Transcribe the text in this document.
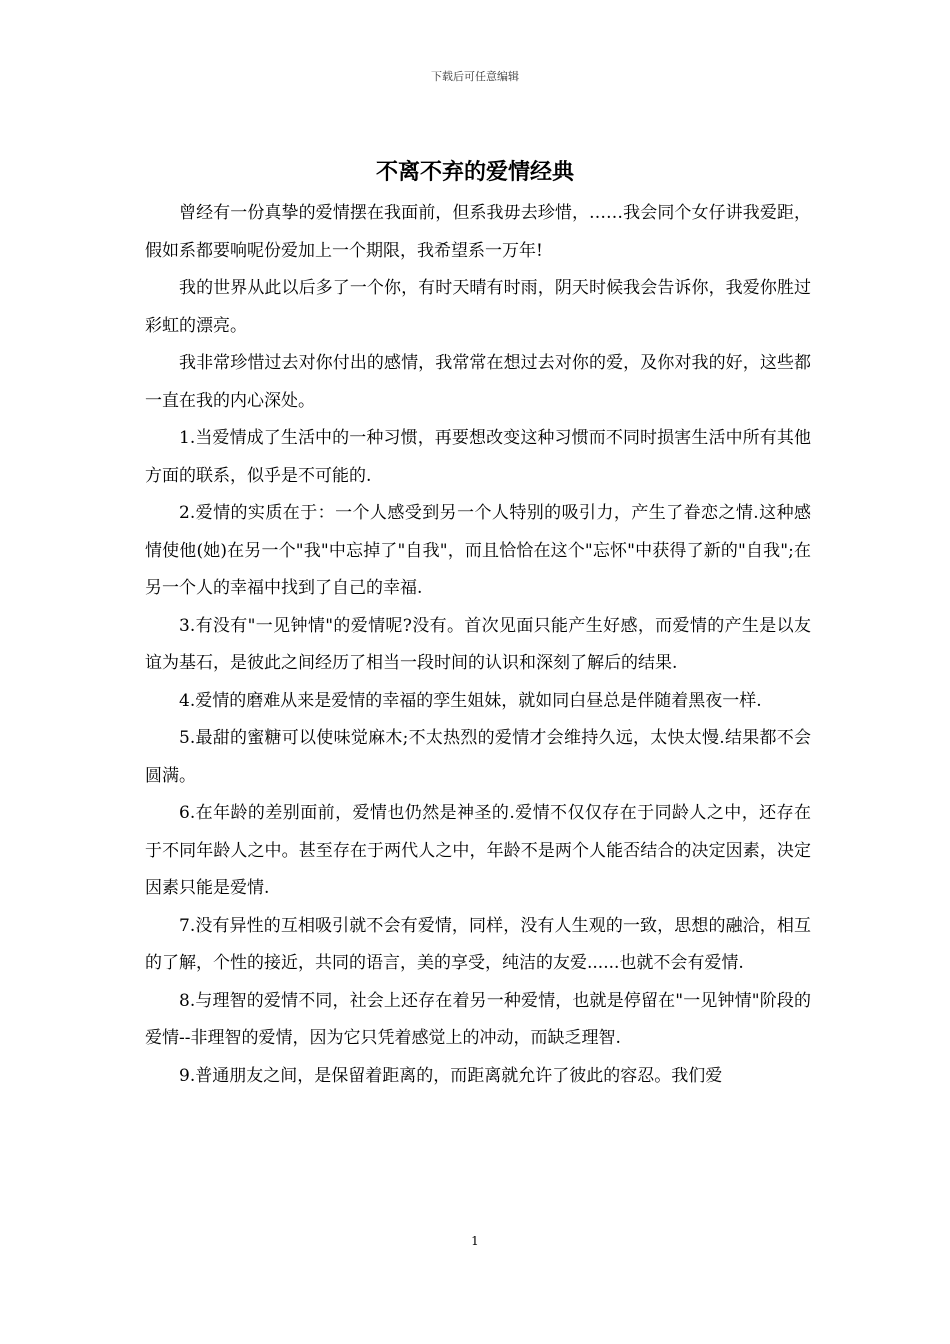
下载后可任意编辑
不离不弃的爱情经典

曾经有一份真挚的爱情摆在我面前，但系我毋去珍惜，……我会同个女仔讲我爱距，假如系都要响呢份爱加上一个期限，我希望系一万年!

我的世界从此以后多了一个你，有时天晴有时雨，阴天时候我会告诉你，我爱你胜过彩虹的漂亮。

我非常珍惜过去对你付出的感情，我常常在想过去对你的爱，及你对我的好，这些都一直在我的内心深处。

1.当爱情成了生活中的一种习惯，再要想改变这种习惯而不同时损害生活中所有其他方面的联系，似乎是不可能的.

2.爱情的实质在于：一个人感受到另一个人特别的吸引力，产生了眷恋之情.这种感情使他(她)在另一个"我"中忘掉了"自我"，而且恰恰在这个"忘怀"中获得了新的"自我";在另一个人的幸福中找到了自己的幸福.

3.有没有"一见钟情"的爱情呢?没有。首次见面只能产生好感，而爱情的产生是以友谊为基石，是彼此之间经历了相当一段时间的认识和深刻了解后的结果.

4.爱情的磨难从来是爱情的幸福的孪生姐妹，就如同白昼总是伴随着黑夜一样.

5.最甜的蜜糖可以使味觉麻木;不太热烈的爱情才会维持久远，太快太慢.结果都不会圆满。

6.在年龄的差别面前，爱情也仍然是神圣的.爱情不仅仅存在于同龄人之中，还存在于不同年龄人之中。甚至存在于两代人之中，年龄不是两个人能否结合的决定因素，决定因素只能是爱情.

7.没有异性的互相吸引就不会有爱情，同样，没有人生观的一致，思想的融洽，相互的了解，个性的接近，共同的语言，美的享受，纯洁的友爱......也就不会有爱情.

8.与理智的爱情不同，社会上还存在着另一种爱情，也就是停留在"一见钟情"阶段的爱情--非理智的爱情，因为它只凭着感觉上的冲动，而缺乏理智.

9.普通朋友之间，是保留着距离的，而距离就允许了彼此的容忍。我们爱

1
